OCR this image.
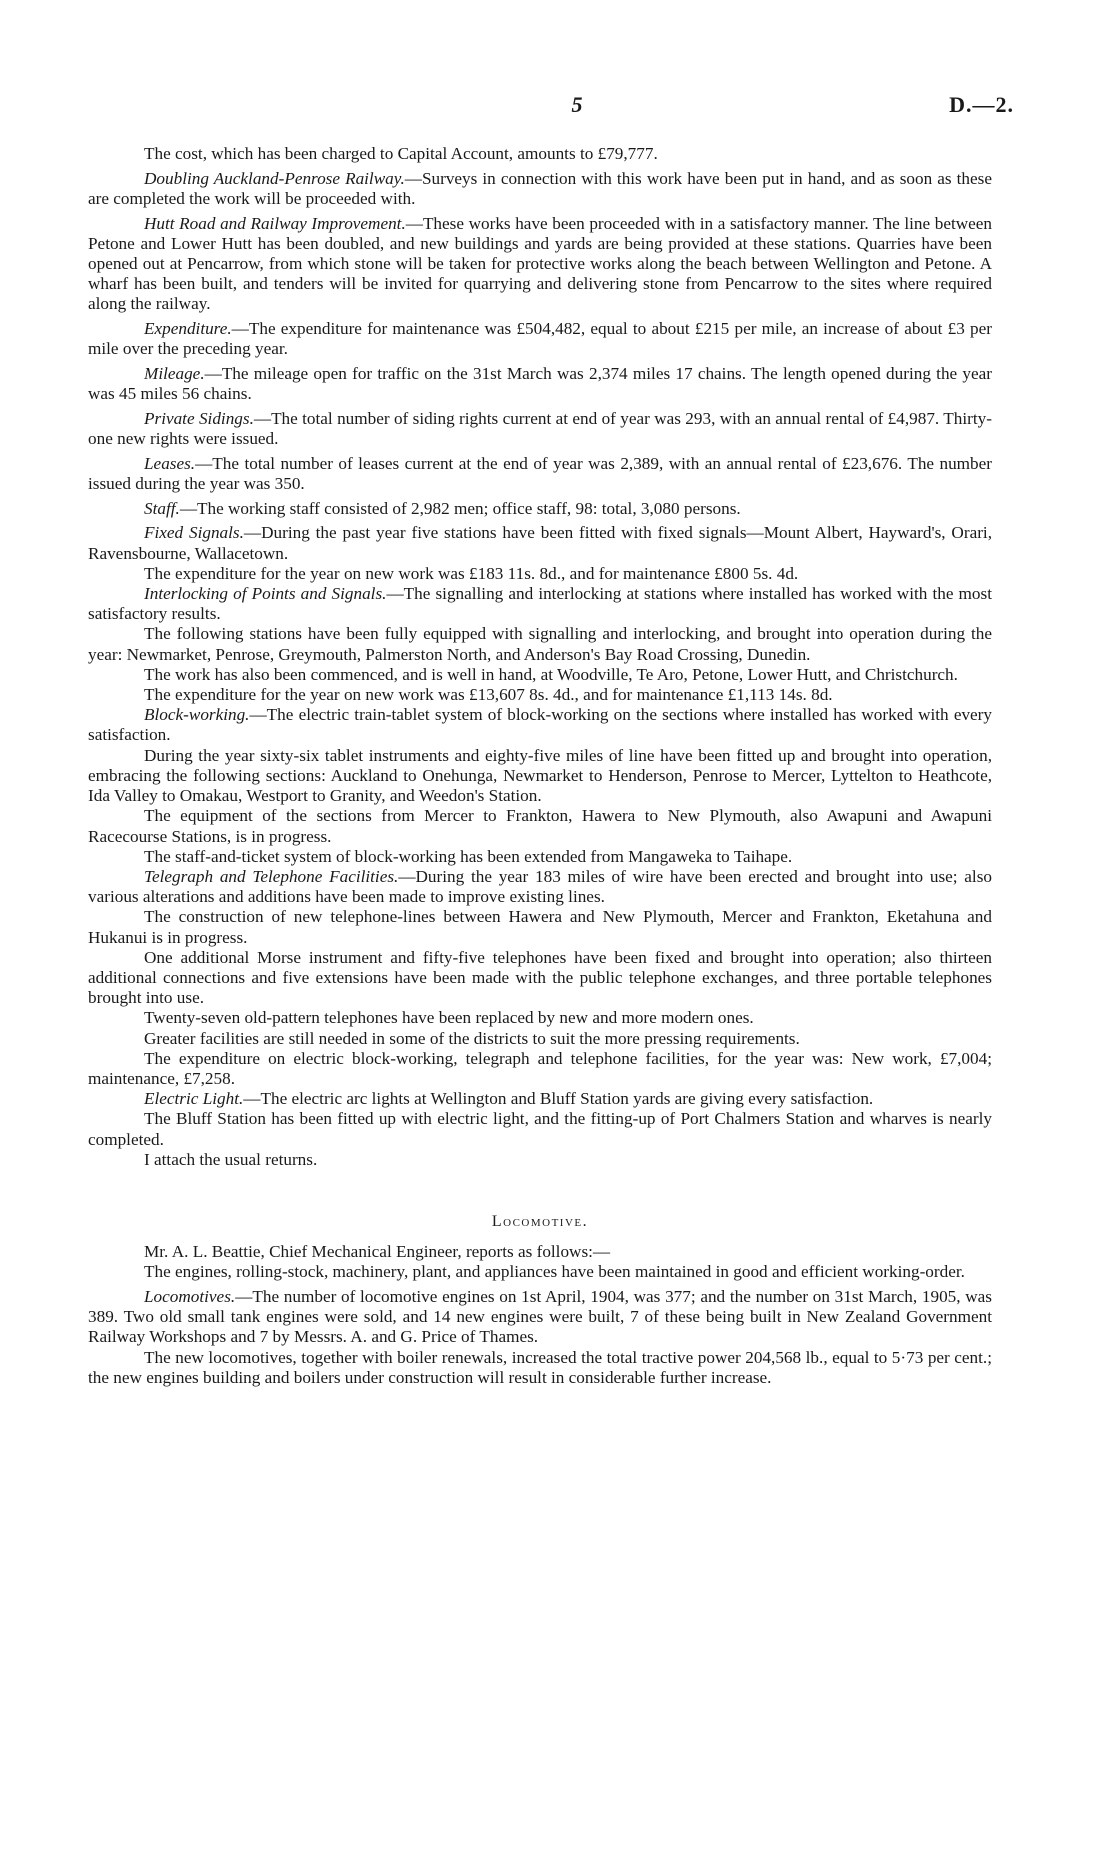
5	D.—2.

The cost, which has been charged to Capital Account, amounts to £79,777.

Doubling Auckland-Penrose Railway.—Surveys in connection with this work have been put in hand, and as soon as these are completed the work will be proceeded with.

Hutt Road and Railway Improvement.—These works have been proceeded with in a satisfactory manner. The line between Petone and Lower Hutt has been doubled, and new buildings and yards are being provided at these stations. Quarries have been opened out at Pencarrow, from which stone will be taken for protective works along the beach between Wellington and Petone. A wharf has been built, and tenders will be invited for quarrying and delivering stone from Pencarrow to the sites where required along the railway.

Expenditure.—The expenditure for maintenance was £504,482, equal to about £215 per mile, an increase of about £3 per mile over the preceding year.

Mileage.—The mileage open for traffic on the 31st March was 2,374 miles 17 chains. The length opened during the year was 45 miles 56 chains.

Private Sidings.—The total number of siding rights current at end of year was 293, with an annual rental of £4,987. Thirty-one new rights were issued.

Leases.—The total number of leases current at the end of year was 2,389, with an annual rental of £23,676. The number issued during the year was 350.

Staff.—The working staff consisted of 2,982 men; office staff, 98: total, 3,080 persons.

Fixed Signals.—During the past year five stations have been fitted with fixed signals—Mount Albert, Hayward's, Orari, Ravensbourne, Wallacetown.

The expenditure for the year on new work was £183 11s. 8d., and for maintenance £800 5s. 4d.

Interlocking of Points and Signals.—The signalling and interlocking at stations where installed has worked with the most satisfactory results.

The following stations have been fully equipped with signalling and interlocking, and brought into operation during the year: Newmarket, Penrose, Greymouth, Palmerston North, and Anderson's Bay Road Crossing, Dunedin.

The work has also been commenced, and is well in hand, at Woodville, Te Aro, Petone, Lower Hutt, and Christchurch.

The expenditure for the year on new work was £13,607 8s. 4d., and for maintenance £1,113 14s. 8d.

Block-working.—The electric train-tablet system of block-working on the sections where installed has worked with every satisfaction.

During the year sixty-six tablet instruments and eighty-five miles of line have been fitted up and brought into operation, embracing the following sections: Auckland to Onehunga, Newmarket to Henderson, Penrose to Mercer, Lyttelton to Heathcote, Ida Valley to Omakau, Westport to Granity, and Weedon's Station.

The equipment of the sections from Mercer to Frankton, Hawera to New Plymouth, also Awapuni and Awapuni Racecourse Stations, is in progress.

The staff-and-ticket system of block-working has been extended from Mangaweka to Taihape.

Telegraph and Telephone Facilities.—During the year 183 miles of wire have been erected and brought into use; also various alterations and additions have been made to improve existing lines.

The construction of new telephone-lines between Hawera and New Plymouth, Mercer and Frankton, Eketahuna and Hukanui is in progress.

One additional Morse instrument and fifty-five telephones have been fixed and brought into operation; also thirteen additional connections and five extensions have been made with the public telephone exchanges, and three portable telephones brought into use.

Twenty-seven old-pattern telephones have been replaced by new and more modern ones.

Greater facilities are still needed in some of the districts to suit the more pressing requirements.

The expenditure on electric block-working, telegraph and telephone facilities, for the year was: New work, £7,004; maintenance, £7,258.

Electric Light.—The electric arc lights at Wellington and Bluff Station yards are giving every satisfaction.

The Bluff Station has been fitted up with electric light, and the fitting-up of Port Chalmers Station and wharves is nearly completed.

I attach the usual returns.

Locomotive.

Mr. A. L. Beattie, Chief Mechanical Engineer, reports as follows:—

The engines, rolling-stock, machinery, plant, and appliances have been maintained in good and efficient working-order.

Locomotives.—The number of locomotive engines on 1st April, 1904, was 377; and the number on 31st March, 1905, was 389. Two old small tank engines were sold, and 14 new engines were built, 7 of these being built in New Zealand Government Railway Workshops and 7 by Messrs. A. and G. Price of Thames.

The new locomotives, together with boiler renewals, increased the total tractive power 204,568 lb., equal to 5·73 per cent.; the new engines building and boilers under construction will result in considerable further increase.
